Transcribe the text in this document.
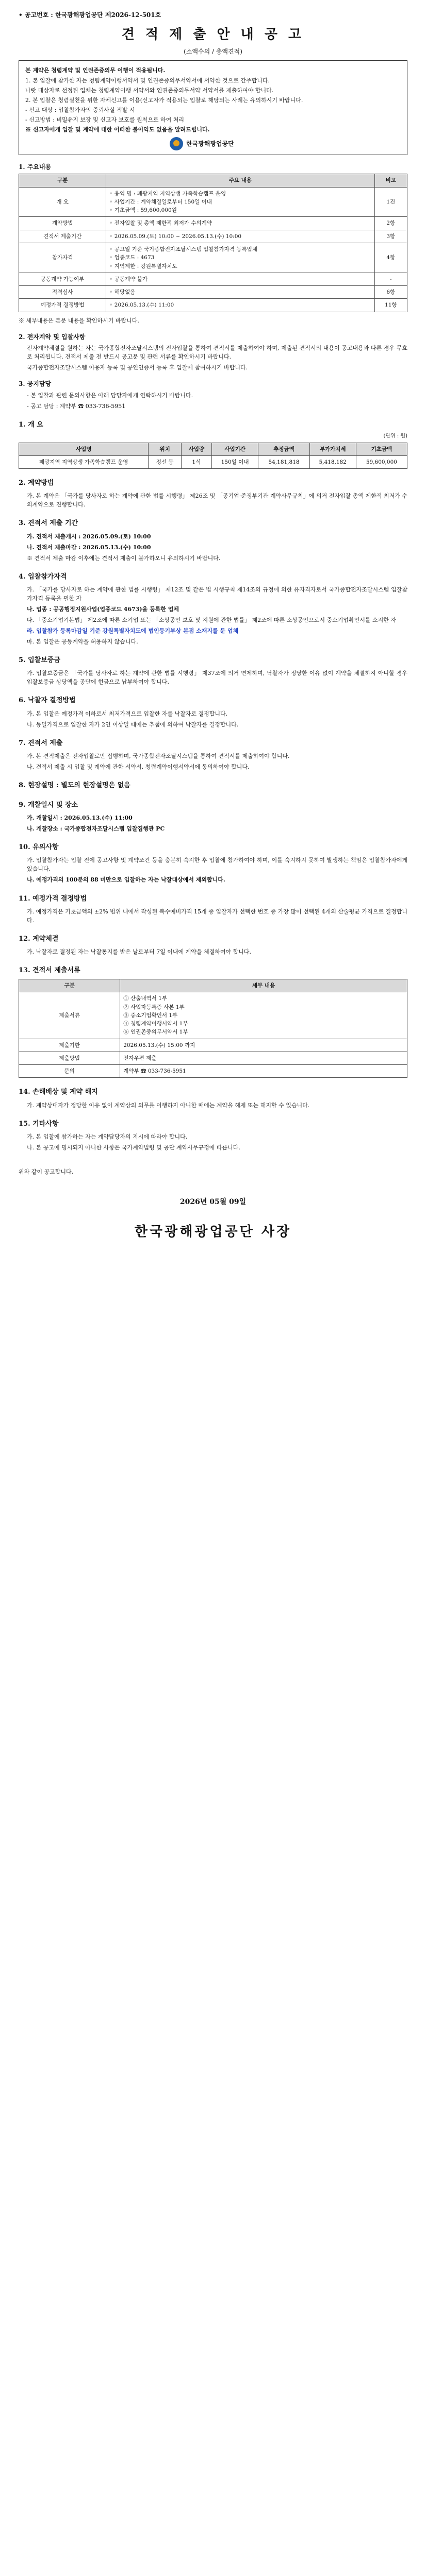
• 공고번호 : 한국광해광업공단 제2026-12-501호
견 적 제 출 안 내 공 고
(소액수의 / 총액견적)

본 계약은 청렴계약 및 인권존중의무 이행이 적용됩니다.

1. 본 입찰에 참가한 자는 청렴계약이행서약서 및 인권존중의무서약서에 서약한 것으로 간주합니다.

나랏 대상자로 선정된 업체는 청렴계약이행 서약서와 인권존중의무서약 서약서를 제출하여야 합니다.

2. 본 입찰은 청렴실천을 위한 자체신고를 이용(신고자가 적용되는 입찰로 해당되는 사례는 유의하시기 바랍니다.

- 신고 대상 : 입찰참가자의 증뢰사실 적발 시

- 신고방법 : 비밀유지 보장 및 신고자 보호를 원칙으로 하여 처리

※ 신고자에게 입찰 및 계약에 대한 어떠한 불이익도 없음을 알려드립니다.

한국광해광업공단
1. 주요내용
구분	주요 내용	비고
개 요	◦ 용역 명 : 폐광지역 지역상생 가족학습캠프 운영
◦ 사업기간 : 계약체결일로부터 150일 이내
◦ 기초금액 : 59,600,000원	1건
계약방법	◦ 전자입찰 및 총액 제한적 최저가 수의계약	2항
견적서 제출기간	◦ 2026.05.09.(토) 10:00 ~ 2026.05.13.(수) 10:00	3항
참가자격	◦ 공고일 기준 국가종합전자조달시스템 입찰참가자격 등록업체
◦ 업종코드 : 4673
◦ 지역제한 : 강원특별자치도	4항
공동계약 가능여부	◦ 공동계약 불가	-
적격심사	◦ 해당없음	6항
예정가격 결정방법	◦ 2026.05.13.(수) 11:00	11항
※ 세부내용은 본문 내용을 확인하시기 바랍니다.
2. 전자계약 및 입찰사항
전자계약체결을 원하는 자는 국가종합전자조달시스템의 전자입찰을 통하여 견적서를 제출하여야 하며, 제출된 견적서의 내용이 공고내용과 다른 경우 무효로 처리됩니다. 견적서 제출 전 반드시 공고문 및 관련 서류를 확인하시기 바랍니다.
국가종합전자조달시스템 이용자 등록 및 공인인증서 등록 후 입찰에 참여하시기 바랍니다.
3. 공지담당
- 본 입찰과 관련 문의사항은 아래 담당자에게 연락하시기 바랍니다.
- 공고 담당 : 계약부 ☎ 033-736-5951
1. 개 요
(단위 : 원)
사업명	위치	사업량	사업기간	추정금액	부가가치세	기초금액
폐광지역 지역상생 가족학습캠프 운영	정선 등	1식	150일 이내	54,181,818	5,418,182	59,600,000
2. 계약방법
가. 본 계약은 「국가를 당사자로 하는 계약에 관한 법률 시행령」 제26조 및 「공기업·준정부기관 계약사무규칙」에 의거 전자입찰 총액 제한적 최저가 수의계약으로 진행합니다.
3. 견적서 제출 기간
가. 견적서 제출개시 : 2026.05.09.(토) 10:00
나. 견적서 제출마감 : 2026.05.13.(수) 10:00
※ 견적서 제출 마감 이후에는 견적서 제출이 불가하오니 유의하시기 바랍니다.
4. 입찰참가자격
가. 「국가를 당사자로 하는 계약에 관한 법률 시행령」 제12조 및 같은 법 시행규칙 제14조의 규정에 의한 유자격자로서 국가종합전자조달시스템 입찰참가자격 등록을 필한 자
나. 업종 : 공공행정지원사업(업종코드 4673)을 등록한 업체
다. 「중소기업기본법」 제2조에 따른 소기업 또는 「소상공인 보호 및 지원에 관한 법률」 제2조에 따른 소상공인으로서 중소기업확인서를 소지한 자
라. 입찰참가 등록마감일 기준 강원특별자치도에 법인등기부상 본점 소재지를 둔 업체
마. 본 입찰은 공동계약을 허용하지 않습니다.
5. 입찰보증금
가. 입찰보증금은 「국가를 당사자로 하는 계약에 관한 법률 시행령」 제37조에 의거 면제하며, 낙찰자가 정당한 이유 없이 계약을 체결하지 아니할 경우 입찰보증금 상당액을 공단에 현금으로 납부하여야 합니다.
6. 낙찰자 결정방법
가. 본 입찰은 예정가격 이하로서 최저가격으로 입찰한 자를 낙찰자로 결정합니다.
나. 동일가격으로 입찰한 자가 2인 이상일 때에는 추첨에 의하여 낙찰자를 결정합니다.
7. 견적서 제출
가. 본 견적제출은 전자입찰로만 집행하며, 국가종합전자조달시스템을 통하여 견적서를 제출하여야 합니다.
나. 견적서 제출 시 입찰 및 계약에 관한 서약서, 청렴계약이행서약서에 동의하여야 합니다.
8. 현장설명 : 별도의 현장설명은 없음
9. 개찰일시 및 장소
가. 개찰일시 : 2026.05.13.(수) 11:00
나. 개찰장소 : 국가종합전자조달시스템 입찰집행관 PC
10. 유의사항
가. 입찰참가자는 입찰 전에 공고사항 및 계약조건 등을 충분히 숙지한 후 입찰에 참가하여야 하며, 이를 숙지하지 못하여 발생하는 책임은 입찰참가자에게 있습니다.
나. 예정가격의 100분의 88 미만으로 입찰하는 자는 낙찰대상에서 제외합니다.
11. 예정가격 결정방법
가. 예정가격은 기초금액의 ±2% 범위 내에서 작성된 복수예비가격 15개 중 입찰자가 선택한 번호 중 가장 많이 선택된 4개의 산술평균 가격으로 결정합니다.
12. 계약체결
가. 낙찰자로 결정된 자는 낙찰통지를 받은 날로부터 7일 이내에 계약을 체결하여야 합니다.
13. 견적서 제출서류
구분	세부 내용
제출서류	① 산출내역서 1부
② 사업자등록증 사본 1부
③ 중소기업확인서 1부
④ 청렴계약이행서약서 1부
⑤ 인권존중의무서약서 1부
제출기한	2026.05.13.(수) 15:00 까지
제출방법	전자우편 제출
문의	계약부 ☎ 033-736-5951
14. 손해배상 및 계약 해지
가. 계약상대자가 정당한 이유 없이 계약상의 의무를 이행하지 아니한 때에는 계약을 해제 또는 해지할 수 있습니다.
15. 기타사항
가. 본 입찰에 참가하는 자는 계약담당자의 지시에 따라야 합니다.
나. 본 공고에 명시되지 아니한 사항은 국가계약법령 및 공단 계약사무규정에 따릅니다.
위와 같이 공고합니다.
2026년 05월 09일
한국광해광업공단 사장
